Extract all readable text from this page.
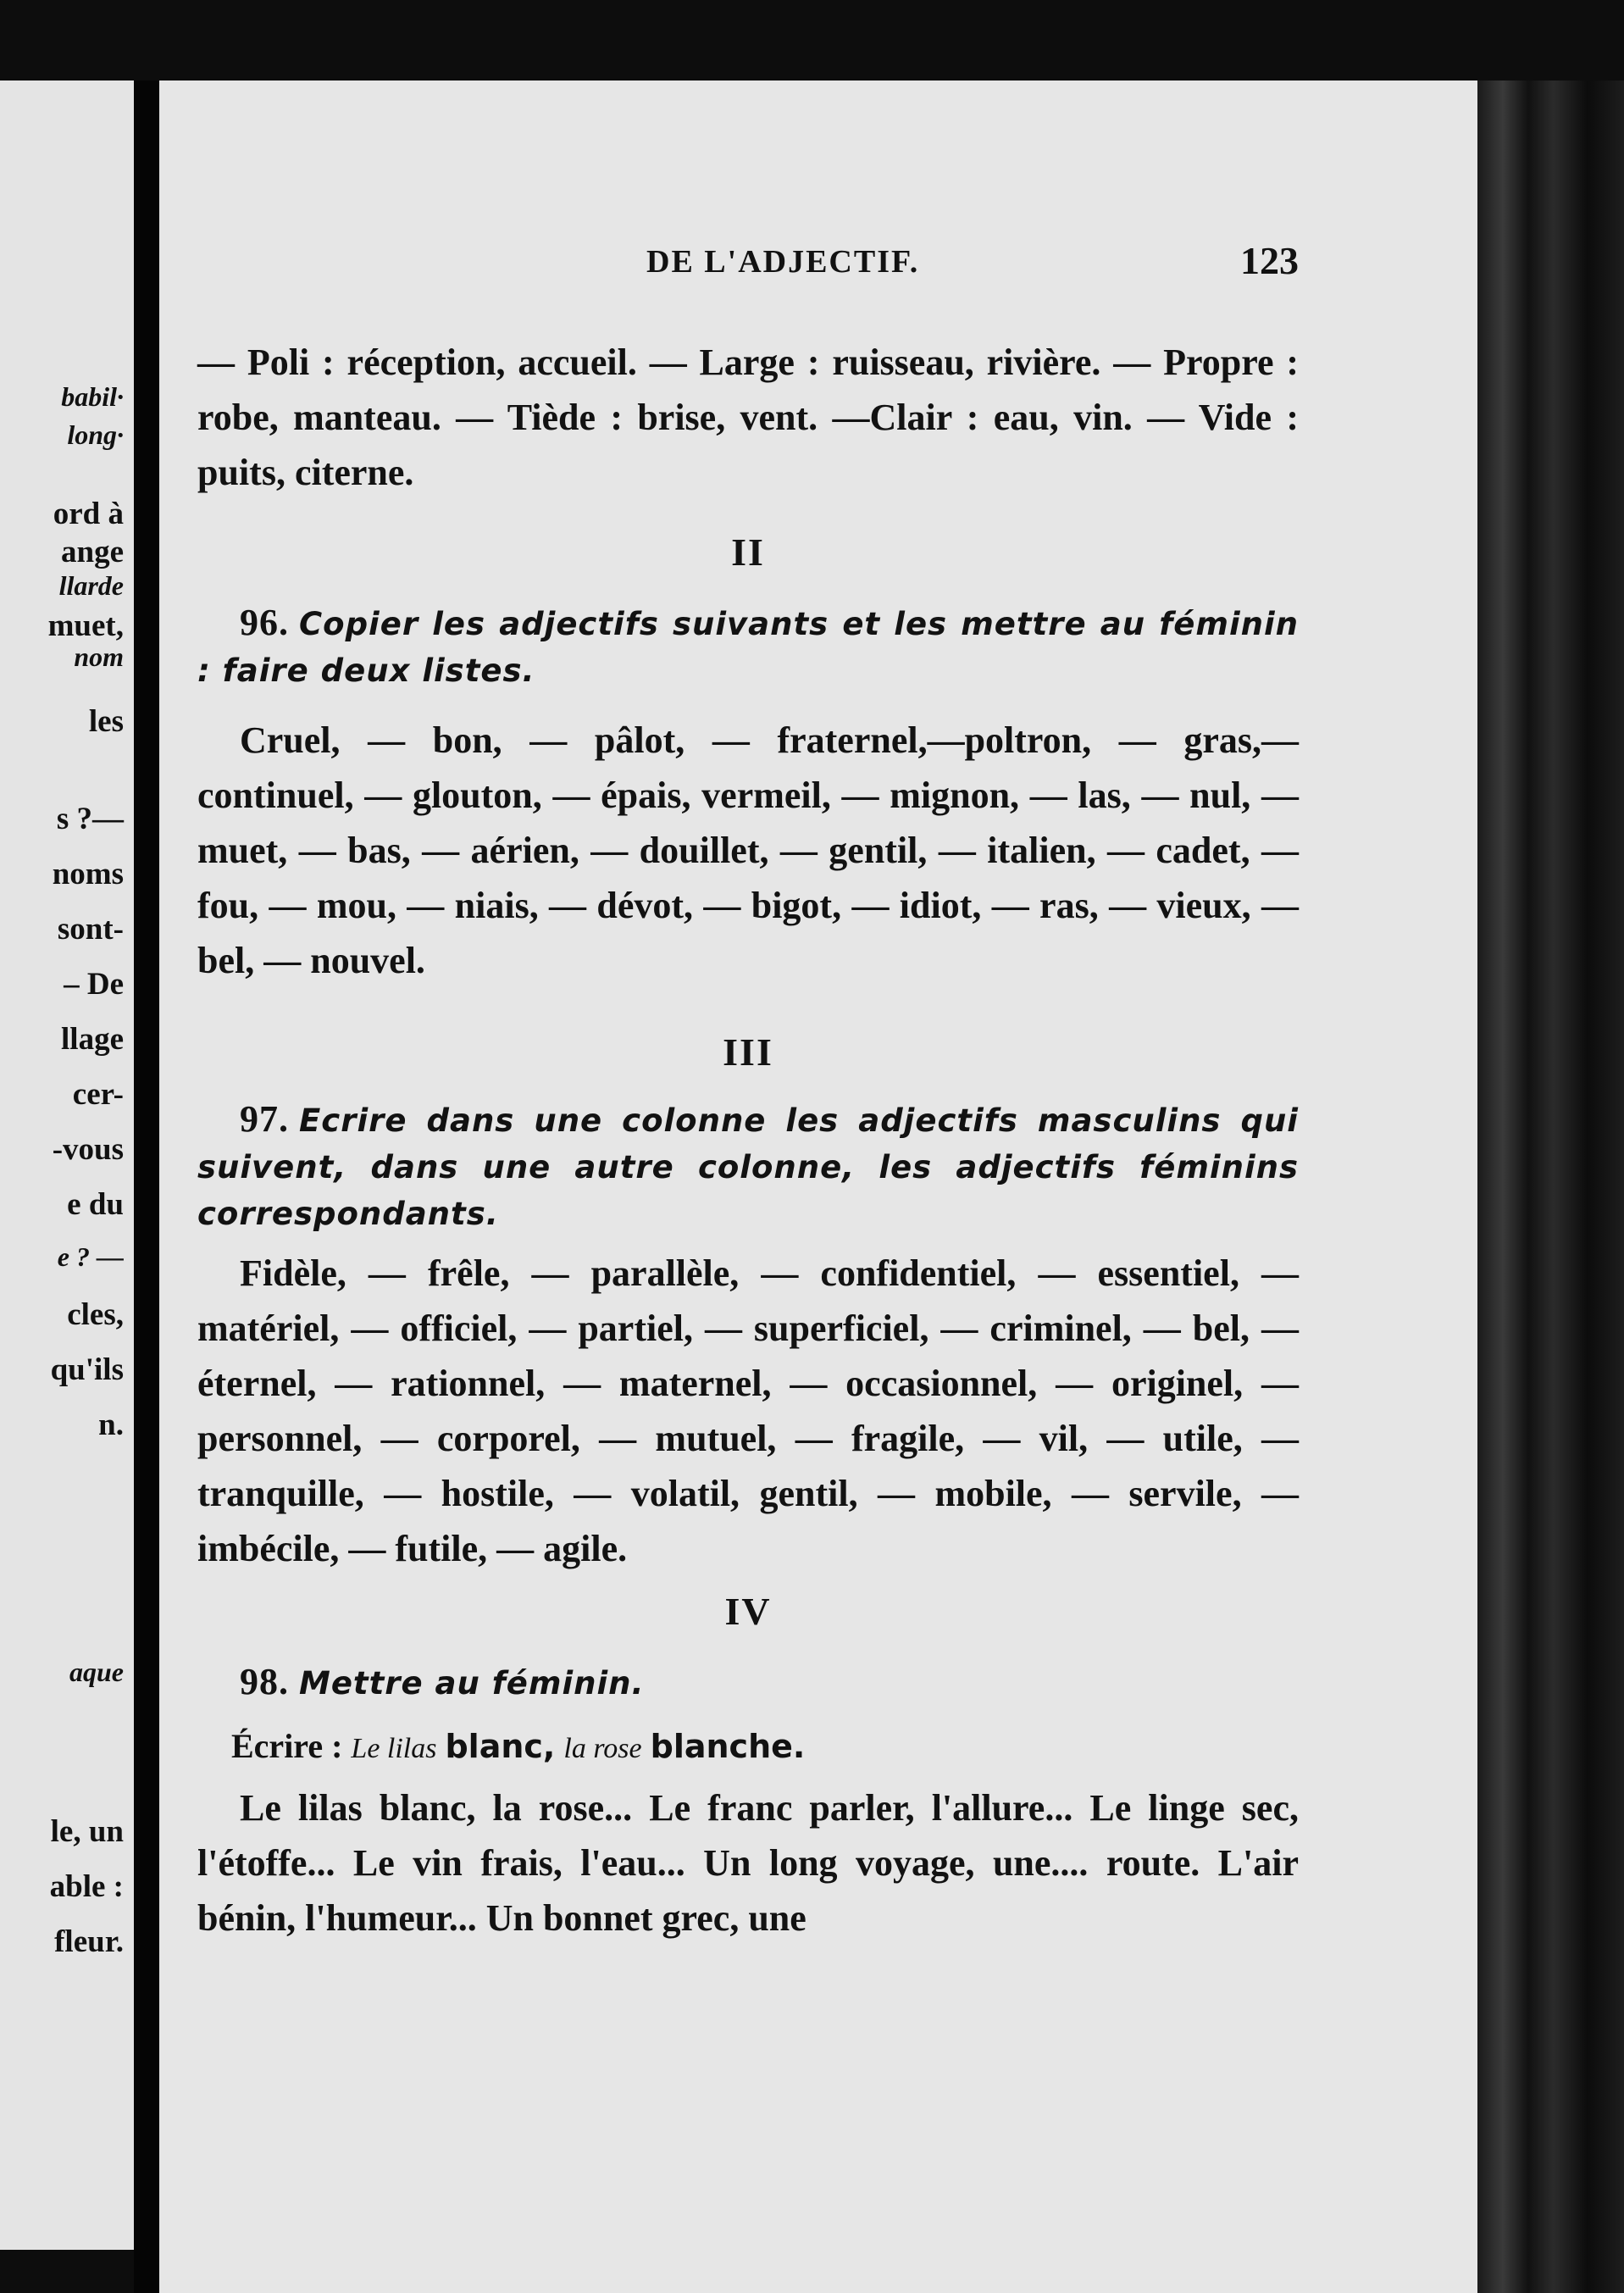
babil·
long·
ord à
ange
llarde
muet,
nom
les
s ?—
noms
sont-
– De
llage
cer-
-vous
e du
e ? —
cles,
qu'ils
n.
aque
le, un
able :
fleur.
DE L'ADJECTIF.	123

— Poli : réception, accueil. — Large : ruisseau, rivière. — Propre : robe, manteau. — Tiède : brise, vent. —Clair : eau, vin. — Vide : puits, citerne.

II

96. Copier les adjectifs suivants et les mettre au féminin : faire deux listes.

Cruel, — bon, — pâlot, — fraternel,—poltron, — gras,— continuel, — glouton, — épais, vermeil, — mignon, — las, — nul, — muet, — bas, — aérien, — douillet, — gentil, — italien, — cadet, — fou, — mou, — niais, — dévot, — bigot, — idiot, — ras, — vieux, — bel, — nouvel.

III

97. Ecrire dans une colonne les adjectifs masculins qui suivent, dans une autre colonne, les adjectifs féminins correspondants.

Fidèle, — frêle, — parallèle, — confidentiel, — essentiel, — matériel, — officiel, — partiel, — superficiel, — criminel, — bel, — éternel, — rationnel, — maternel, — occasionnel, — originel, — personnel, — corporel, — mutuel, — fragile, — vil, — utile, — tranquille, — hostile, — volatil, gentil, — mobile, — servile, — imbécile, — futile, — agile.

IV

98. Mettre au féminin.

Écrire : Le lilas blanc, la rose blanche.

Le lilas blanc, la rose... Le franc parler, l'allure... Le linge sec, l'étoffe... Le vin frais, l'eau... Un long voyage, une.... route. L'air bénin, l'humeur... Un bonnet grec, une
